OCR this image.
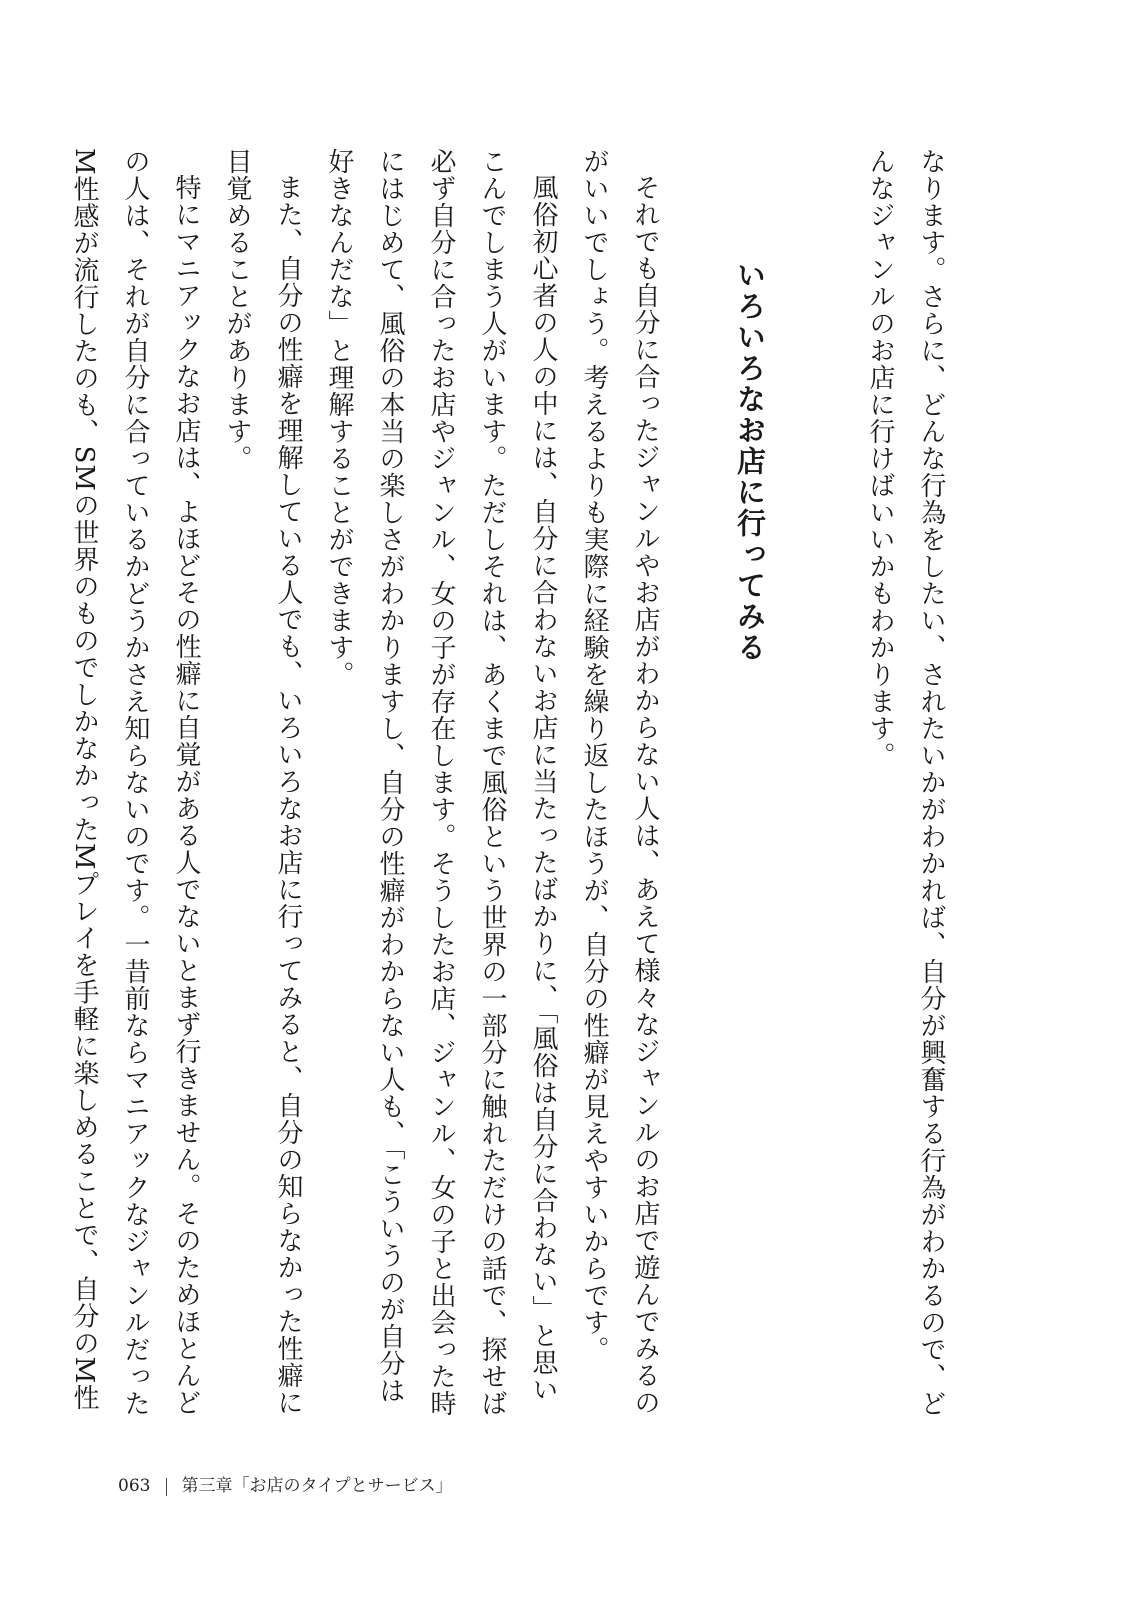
なります。さらに、どんな行為をしたい、されたいかがわかれば、自分が興奮する行為がわかるので、どんなジャンルのお店に行けばいいかもわかります。

いろいろなお店に行ってみる

それでも自分に合ったジャンルやお店がわからない人は、あえて様々なジャンルのお店で遊んでみるのがいいでしょう。考えるよりも実際に経験を繰り返したほうが、自分の性癖が見えやすいからです。

風俗初心者の人の中には、自分に合わないお店に当たったばかりに、「風俗は自分に合わない」と思いこんでしまう人がいます。ただしそれは、あくまで風俗という世界の一部分に触れただけの話で、探せば必ず自分に合ったお店やジャンル、女の子が存在します。そうしたお店、ジャンル、女の子と出会った時にはじめて、風俗の本当の楽しさがわかりますし、自分の性癖がわからない人も、「こういうのが自分は好きなんだな」と理解することができます。

また、自分の性癖を理解している人でも、いろいろなお店に行ってみると、自分の知らなかった性癖に目覚めることがあります。

特にマニアックなお店は、よほどその性癖に自覚がある人でないとまず行きません。そのためほとんどの人は、それが自分に合っているかどうかさえ知らないのです。一昔前ならマニアックなジャンルだったM性感が流行したのも、SMの世界のものでしかなかったMプレイを手軽に楽しめることで、自分のM性

063 第三章「お店のタイプとサービス」
